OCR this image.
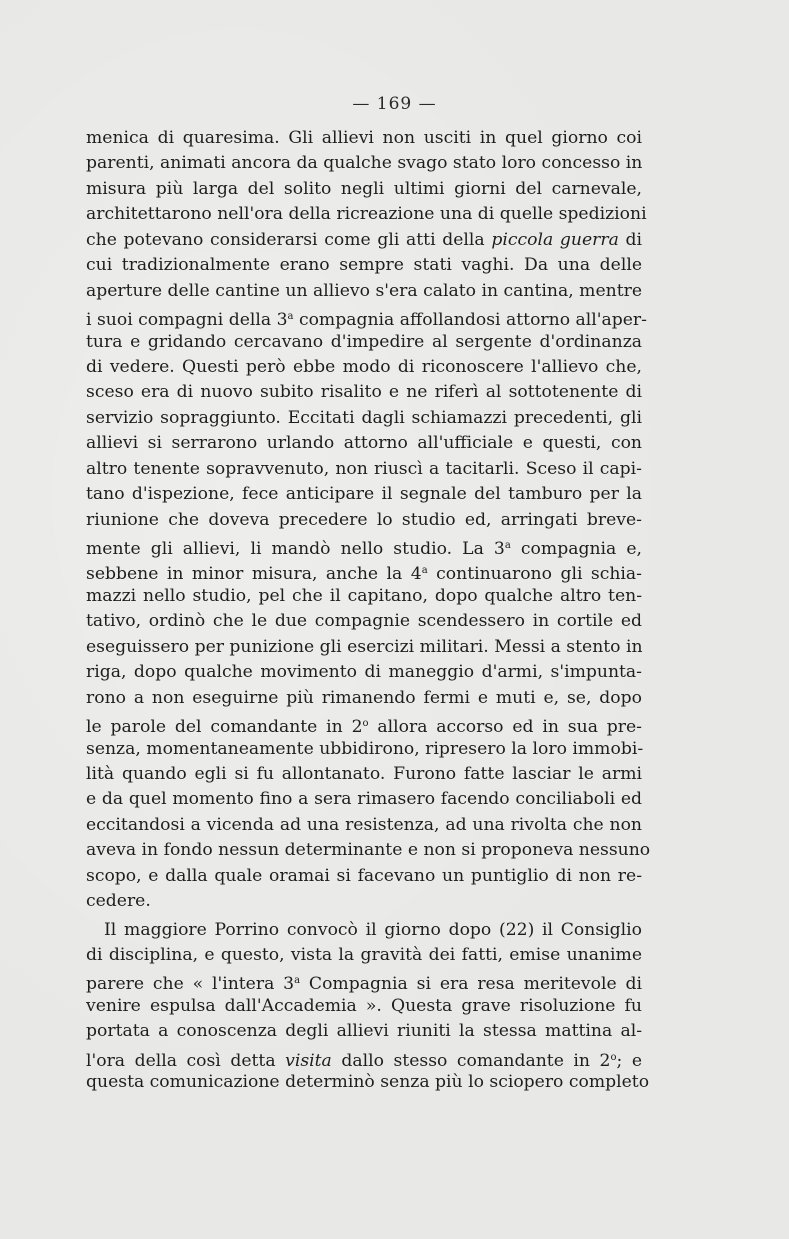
— 169 —
menica di quaresima. Gli allievi non usciti in quel giorno coi
parenti, animati ancora da qualche svago stato loro concesso in
misura più larga del solito negli ultimi giorni del carnevale,
architettarono nell'ora della ricreazione una di quelle spedizioni
che potevano considerarsi come gli atti della piccola guerra di
cui tradizionalmente erano sempre stati vaghi. Da una delle
aperture delle cantine un allievo s'era calato in cantina, mentre
i suoi compagni della 3$^a$ compagnia affollandosi attorno all'aper-
tura e gridando cercavano d'impedire al sergente d'ordinanza
di vedere. Questi però ebbe modo di riconoscere l'allievo che,
sceso era di nuovo subito risalito e ne riferì al sottotenente di
servizio sopraggiunto. Eccitati dagli schiamazzi precedenti, gli
allievi si serrarono urlando attorno all'ufficiale e questi, con
altro tenente sopravvenuto, non riuscì a tacitarli. Sceso il capi-
tano d'ispezione, fece anticipare il segnale del tamburo per la
riunione che doveva precedere lo studio ed, arringati breve-
mente gli allievi, li mandò nello studio. La 3$^a$ compagnia e,
sebbene in minor misura, anche la 4$^a$ continuarono gli schia-
mazzi nello studio, pel che il capitano, dopo qualche altro ten-
tativo, ordinò che le due compagnie scendessero in cortile ed
eseguissero per punizione gli esercizi militari. Messi a stento in
riga, dopo qualche movimento di maneggio d'armi, s'impunta-
rono a non eseguirne più rimanendo fermi e muti e, se, dopo
le parole del comandante in 2$^o$ allora accorso ed in sua pre-
senza, momentaneamente ubbidirono, ripresero la loro immobi-
lità quando egli si fu allontanato. Furono fatte lasciar le armi
e da quel momento fino a sera rimasero facendo conciliaboli ed
eccitandosi a vicenda ad una resistenza, ad una rivolta che non
aveva in fondo nessun determinante e non si proponeva nessuno
scopo, e dalla quale oramai si facevano un puntiglio di non re-
cedere.
Il maggiore Porrino convocò il giorno dopo (22) il Consiglio
di disciplina, e questo, vista la gravità dei fatti, emise unanime
parere che « l'intera 3$^a$ Compagnia si era resa meritevole di
venire espulsa dall'Accademia ». Questa grave risoluzione fu
portata a conoscenza degli allievi riuniti la stessa mattina al-
l'ora della così detta visita dallo stesso comandante in 2$^o$; e
questa comunicazione determinò senza più lo sciopero completo
